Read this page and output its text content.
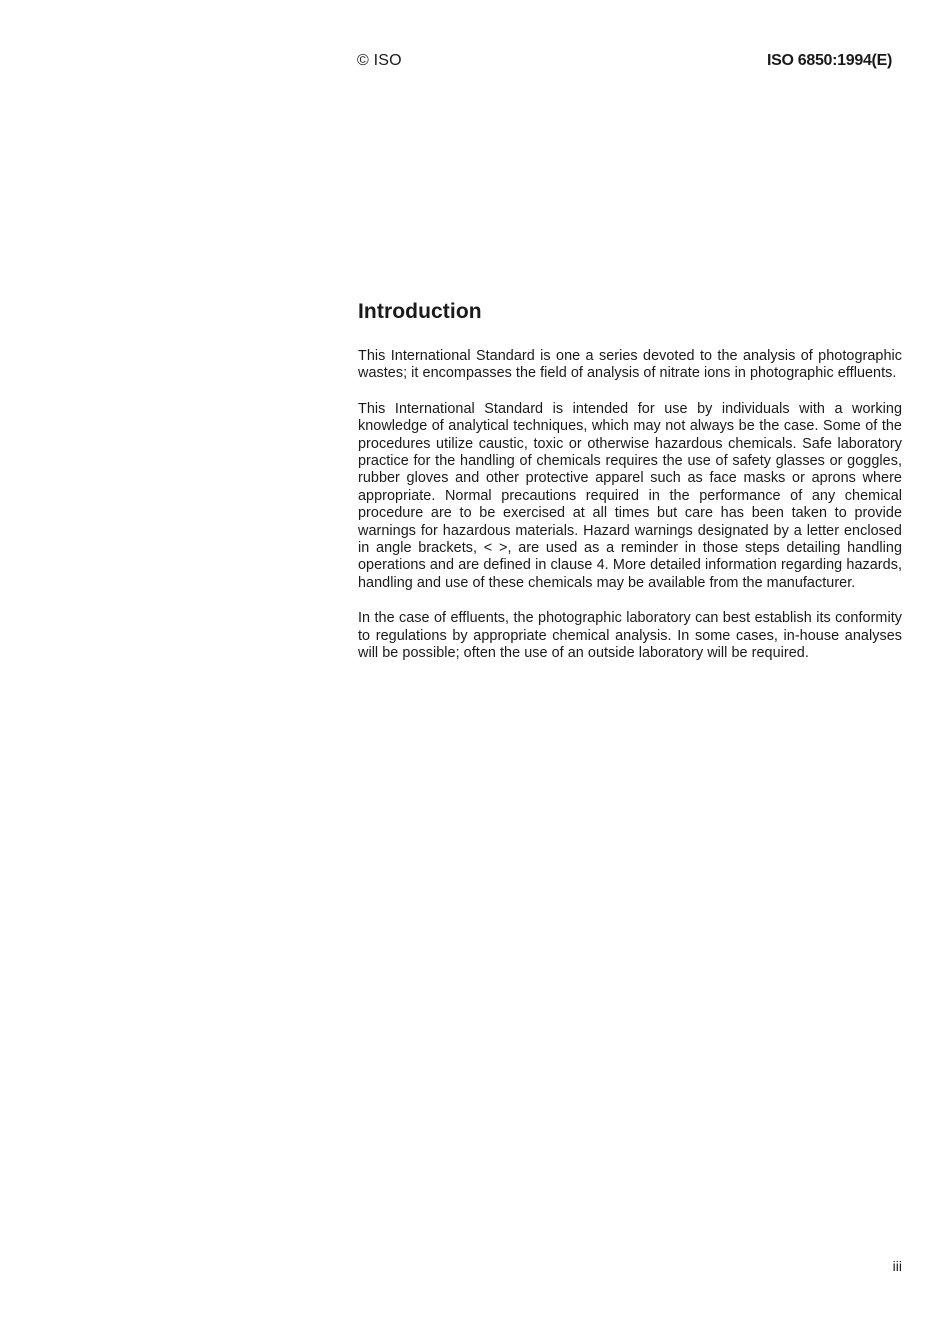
© ISO	ISO 6850:1994(E)
Introduction

This International Standard is one a series devoted to the analysis of photographic wastes; it encompasses the field of analysis of nitrate ions in photographic effluents.

This International Standard is intended for use by individuals with a working knowledge of analytical techniques, which may not always be the case. Some of the procedures utilize caustic, toxic or otherwise hazardous chemicals. Safe laboratory practice for the handling of chemicals requires the use of safety glasses or goggles, rubber gloves and other protective apparel such as face masks or aprons where appropriate. Normal precautions required in the performance of any chemical procedure are to be exercised at all times but care has been taken to provide warnings for hazardous materials. Hazard warnings designated by a letter enclosed in angle brackets, < >, are used as a reminder in those steps detailing handling operations and are defined in clause 4. More detailed information regarding hazards, handling and use of these chemicals may be available from the manufacturer.

In the case of effluents, the photographic laboratory can best establish its conformity to regulations by appropriate chemical analysis. In some cases, in-house analyses will be possible; often the use of an outside laboratory will be required.

iii
